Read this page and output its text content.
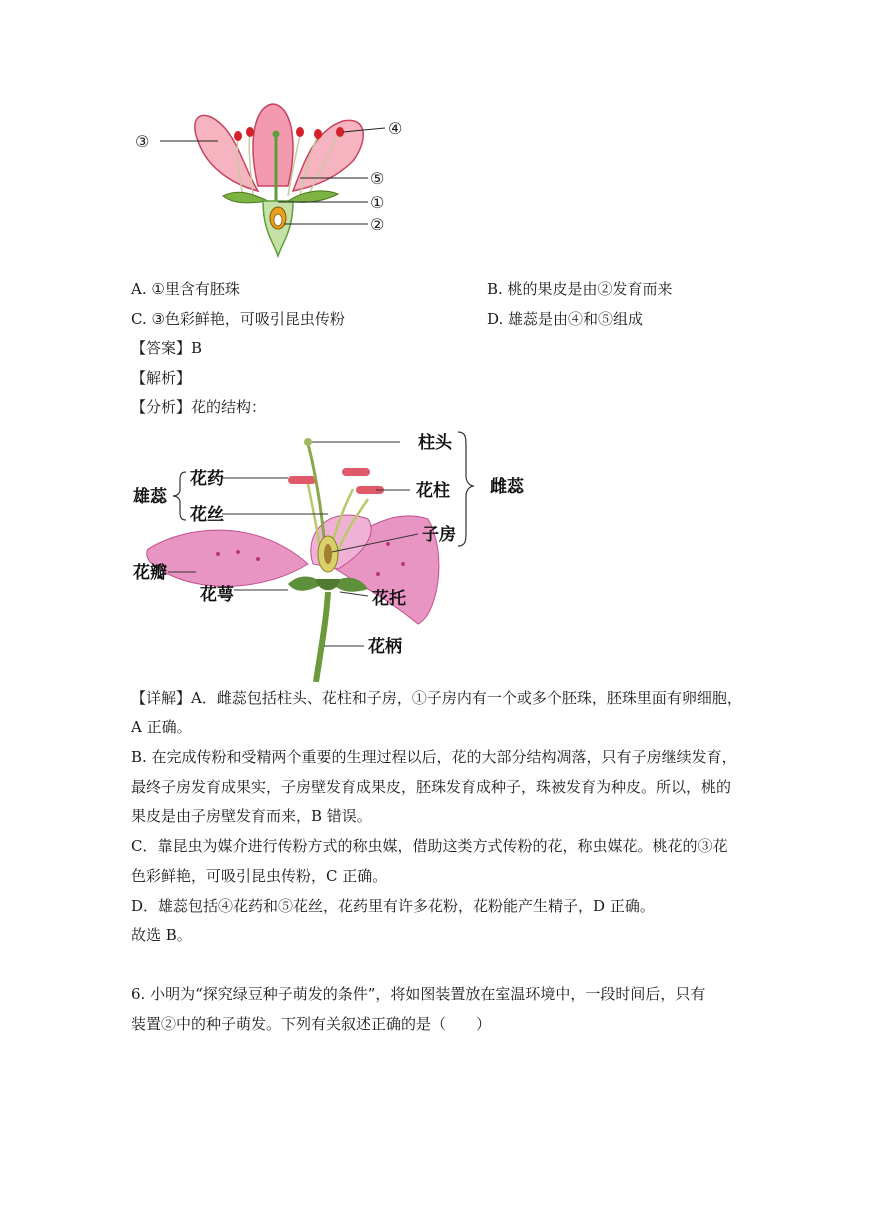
③
④
⑤
①
②
A. ①里含有胚珠	B. 桃的果皮是由②发育而来
C. ③色彩鲜艳，可吸引昆虫传粉	D. 雄蕊是由④和⑤组成
【答案】B
【解析】
【分析】花的结构：
雄蕊
花药
花丝
花瓣
花萼
柱头
花柱 雌蕊
子房
花托
花柄
【详解】A．雌蕊包括柱头、花柱和子房，①子房内有一个或多个胚珠，胚珠里面有卵细胞，
A 正确。
B. 在完成传粉和受精两个重要的生理过程以后，花的大部分结构凋落，只有子房继续发育，
最终子房发育成果实，子房壁发育成果皮，胚珠发育成种子，珠被发育为种皮。所以，桃的
果皮是由子房壁发育而来，B 错误。
C．靠昆虫为媒介进行传粉方式的称虫媒，借助这类方式传粉的花，称虫媒花。桃花的③花
色彩鲜艳，可吸引昆虫传粉，C 正确。
D．雄蕊包括④花药和⑤花丝，花药里有许多花粉，花粉能产生精子，D 正确。
故选 B。
6. 小明为“探究绿豆种子萌发的条件”，将如图装置放在室温环境中，一段时间后，只有
装置②中的种子萌发。下列有关叙述正确的是（　　）
